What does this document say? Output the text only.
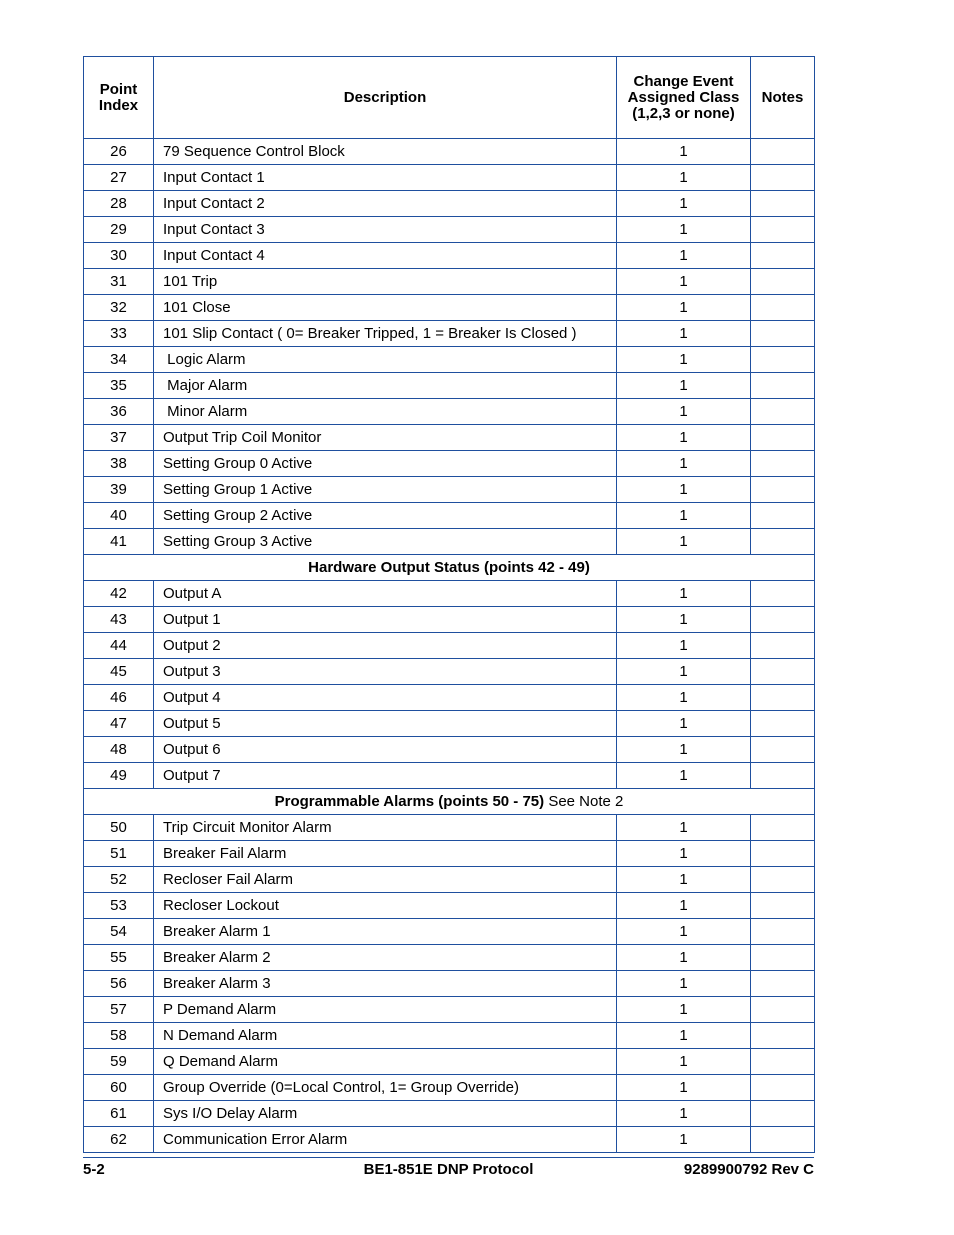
Point
Index	Description	Change Event Assigned Class (1,2,3 or none)	Notes
26	79 Sequence Control Block	1	
27	Input Contact 1	1	
28	Input Contact 2	1	
29	Input Contact 3	1	
30	Input Contact 4	1	
31	101 Trip	1	
32	101 Close	1	
33	101 Slip Contact ( 0= Breaker Tripped, 1 = Breaker Is Closed )	1	
34	Logic Alarm	1	
35	Major Alarm	1	
36	Minor Alarm	1	
37	Output Trip Coil Monitor	1	
38	Setting Group 0 Active	1	
39	Setting Group 1 Active	1	
40	Setting Group 2 Active	1	
41	Setting Group 3 Active	1	
Hardware Output Status (points 42 - 49)			
42	Output A	1	
43	Output 1	1	
44	Output 2	1	
45	Output 3	1	
46	Output 4	1	
47	Output 5	1	
48	Output 6	1	
49	Output 7	1	
Programmable Alarms (points 50 - 75) See Note 2			
50	Trip Circuit Monitor Alarm	1	
51	Breaker Fail Alarm	1	
52	Recloser Fail Alarm	1	
53	Recloser Lockout	1	
54	Breaker Alarm 1	1	
55	Breaker Alarm 2	1	
56	Breaker Alarm 3	1	
57	P Demand Alarm	1	
58	N Demand Alarm	1	
59	Q Demand Alarm	1	
60	Group Override (0=Local Control, 1= Group Override)	1	
61	Sys I/O Delay Alarm	1	
62	Communication Error Alarm	1	
5-2	BE1-851E DNP Protocol	9289900792 Rev C
